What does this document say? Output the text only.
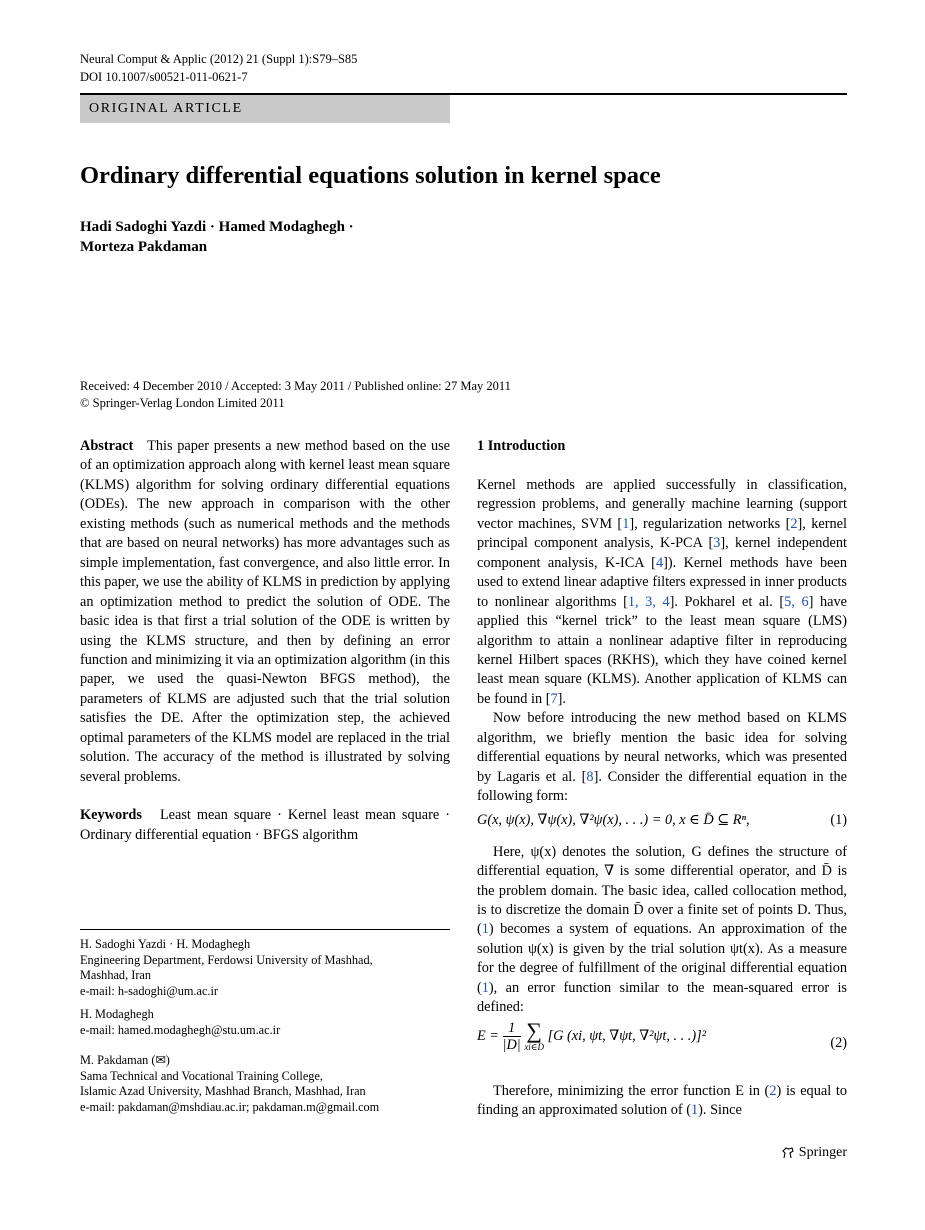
Neural Comput & Applic (2012) 21 (Suppl 1):S79–S85
DOI 10.1007/s00521-011-0621-7
ORIGINAL ARTICLE
Ordinary differential equations solution in kernel space
Hadi Sadoghi Yazdi · Hamed Modaghegh ·
Morteza Pakdaman
Received: 4 December 2010 / Accepted: 3 May 2011 / Published online: 27 May 2011
© Springer-Verlag London Limited 2011

Abstract This paper presents a new method based on the use of an optimization approach along with kernel least mean square (KLMS) algorithm for solving ordinary differential equations (ODEs). The new approach in comparison with the other existing methods (such as numerical methods and the methods that are based on neural networks) has more advantages such as simple implementation, fast convergence, and also little error. In this paper, we use the ability of KLMS in prediction by applying an optimization method to predict the solution of ODE. The basic idea is that first a trial solution of the ODE is written by using the KLMS structure, and then by defining an error function and minimizing it via an optimization algorithm (in this paper, we used the quasi-Newton BFGS method), the parameters of KLMS are adjusted such that the trial solution satisfies the DE. After the optimization step, the achieved optimal parameters of the KLMS model are replaced in the trial solution. The accuracy of the method is illustrated by solving several problems.

Keywords Least mean square · Kernel least mean square · Ordinary differential equation · BFGS algorithm

H. Sadoghi Yazdi · H. Modaghegh
Engineering Department, Ferdowsi University of Mashhad,
Mashhad, Iran
e-mail: h-sadoghi@um.ac.ir
H. Modaghegh
e-mail: hamed.modaghegh@stu.um.ac.ir
M. Pakdaman (✉)
Sama Technical and Vocational Training College,
Islamic Azad University, Mashhad Branch, Mashhad, Iran
e-mail: pakdaman@mshdiau.ac.ir; pakdaman.m@gmail.com

1 Introduction

Kernel methods are applied successfully in classification, regression problems, and generally machine learning (support vector machines, SVM [1], regularization networks [2], kernel principal component analysis, K-PCA [3], kernel independent component analysis, K-ICA [4]). Kernel methods have been used to extend linear adaptive filters expressed in inner products to nonlinear algorithms [1, 3, 4]. Pokharel et al. [5, 6] have applied this “kernel trick” to the least mean square (LMS) algorithm to attain a nonlinear adaptive filter in reproducing kernel Hilbert spaces (RKHS), which they have coined kernel least mean square (KLMS). Another application of KLMS can be found in [7].

Now before introducing the new method based on KLMS algorithm, we briefly mention the basic idea for solving differential equations by neural networks, which was presented by Lagaris et al. [8]. Consider the differential equation in the following form:

G(x, ψ(x), ∇ψ(x), ∇²ψ(x), . . .) = 0, x ∈ D̄ ⊆ Rⁿ,	(1)

Here, ψ(x) denotes the solution, G defines the structure of differential equation, ∇ is some differential operator, and D̄ is the problem domain. The basic idea, called collocation method, is to discretize the domain D̄ over a finite set of points D. Thus, (1) becomes a system of equations. An approximation of the solution ψ(x) is given by the trial solution ψt(x). As a measure for the degree of fulfillment of the original differential equation (1), an error function similar to the mean-squared error is defined:

$E = \frac{1}{|D|}$
∑
xi∈D
[G (xi, ψt, ∇ψt, ∇²ψt, . . .)]²	(2)

Therefore, minimizing the error function E in (2) is equal to finding an approximated solution of (1). Since

Springer
